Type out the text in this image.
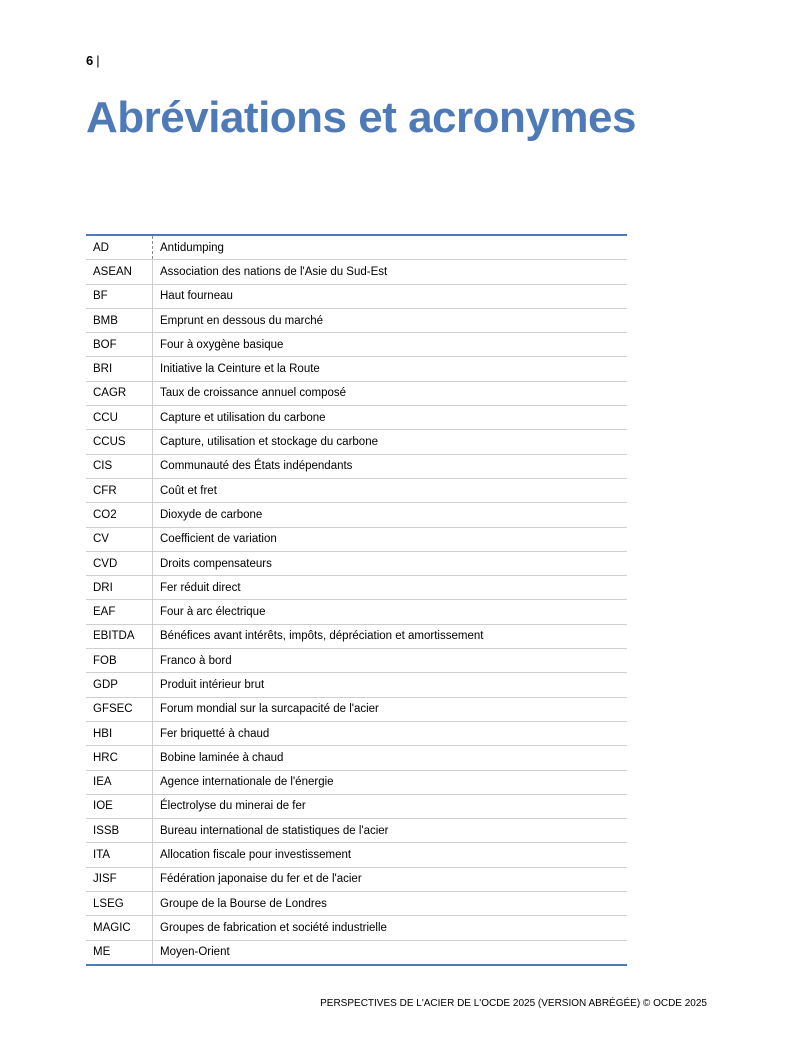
6 |
Abréviations et acronymes
AD	Antidumping
ASEAN	Association des nations de l'Asie du Sud-Est
BF	Haut fourneau
BMB	Emprunt en dessous du marché
BOF	Four à oxygène basique
BRI	Initiative la Ceinture et la Route
CAGR	Taux de croissance annuel composé
CCU	Capture et utilisation du carbone
CCUS	Capture, utilisation et stockage du carbone
CIS	Communauté des États indépendants
CFR	Coût et fret
CO2	Dioxyde de carbone
CV	Coefficient de variation
CVD	Droits compensateurs
DRI	Fer réduit direct
EAF	Four à arc électrique
EBITDA	Bénéfices avant intérêts, impôts, dépréciation et amortissement
FOB	Franco à bord
GDP	Produit intérieur brut
GFSEC	Forum mondial sur la surcapacité de l'acier
HBI	Fer briquetté à chaud
HRC	Bobine laminée à chaud
IEA	Agence internationale de l'énergie
IOE	Électrolyse du minerai de fer
ISSB	Bureau international de statistiques de l'acier
ITA	Allocation fiscale pour investissement
JISF	Fédération japonaise du fer et de l'acier
LSEG	Groupe de la Bourse de Londres
MAGIC	Groupes de fabrication et société industrielle
ME	Moyen-Orient
PERSPECTIVES DE L'ACIER DE L'OCDE 2025 (VERSION ABRÉGÉE) © OCDE 2025
